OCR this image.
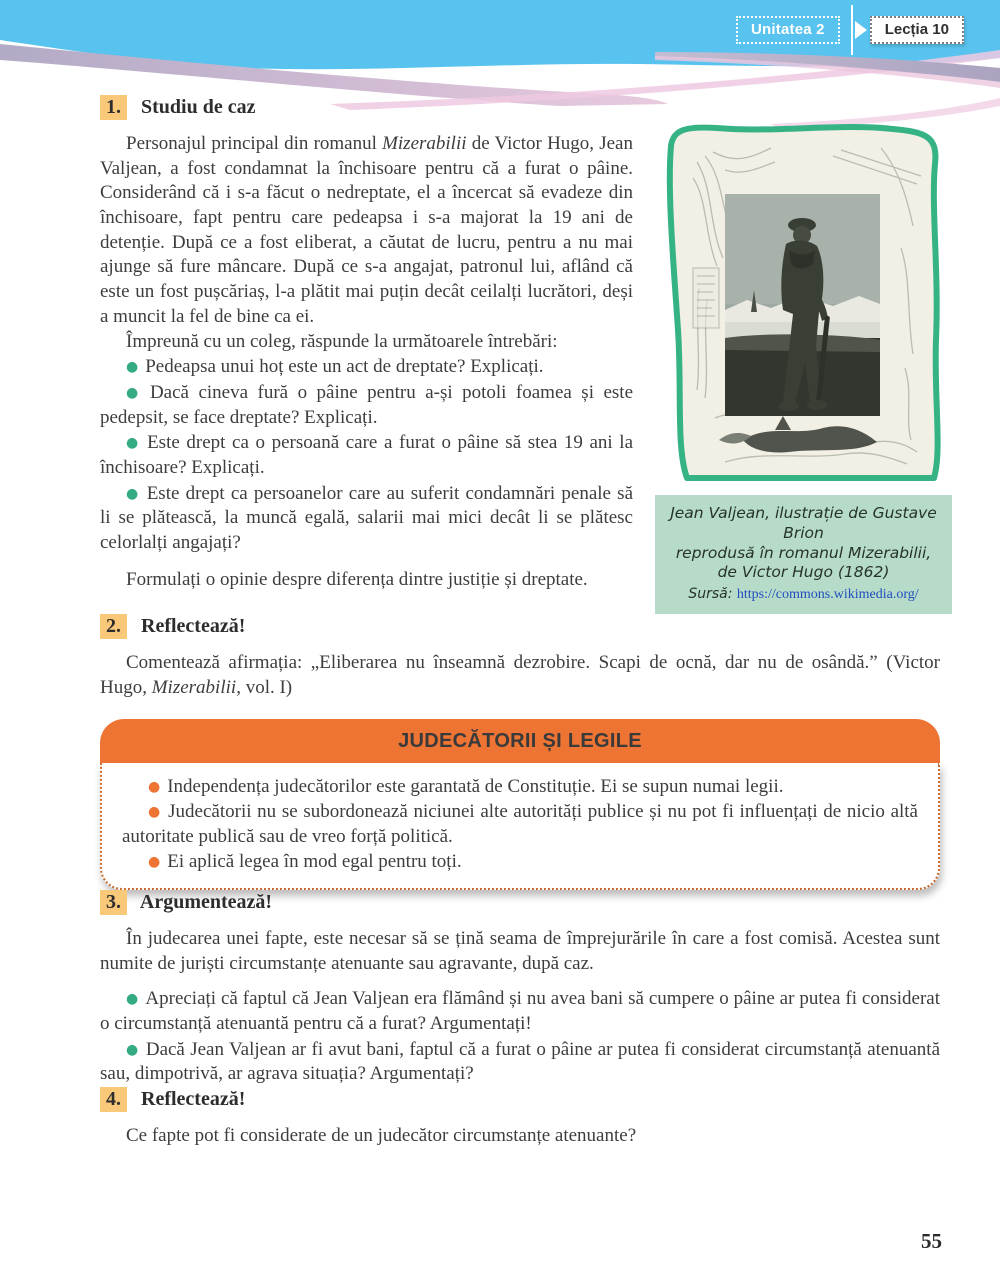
Unitatea 2	Lecția 10
1. Studiu de caz

Personajul principal din romanul Mizerabilii de Victor Hugo, Jean Valjean, a fost condamnat la închisoare pentru că a furat o pâine. Considerând că i s-a făcut o nedreptate, el a încercat să evadeze din închisoare, fapt pentru care pedeapsa i s-a majorat la 19 ani de detenție. După ce a fost eliberat, a căutat de lucru, pentru a nu mai ajunge să fure mâncare. După ce s-a angajat, patronul lui, aflând că este un fost pușcăriaș, l-a plătit mai puțin decât ceilalți lucrători, deși a muncit la fel de bine ca ei.

Împreună cu un coleg, răspunde la următoarele întrebări:

● Pedeapsa unui hoț este un act de dreptate? Explicați.

● Dacă cineva fură o pâine pentru a-și potoli foamea și este pedepsit, se face dreptate? Explicați.

● Este drept ca o persoană care a furat o pâine să stea 19 ani la închisoare? Explicați.

● Este drept ca persoanelor care au suferit condamnări penale să li se plătească, la muncă egală, salarii mai mici decât li se plătesc celorlalți angajați?

Formulați o opinie despre diferența dintre justiție și dreptate.

Jean Valjean, ilustrație de Gustave Brion
reprodusă în romanul Mizerabilii,
de Victor Hugo (1862)
Sursă: https://commons.wikimedia.org/
2. Reflectează!

Comentează afirmația: „Eliberarea nu înseamnă dezrobire. Scapi de ocnă, dar nu de osândă.” (Victor Hugo, Mizerabilii, vol. I)

JUDECĂTORII ȘI LEGILE

● Independența judecătorilor este garantată de Constituție. Ei se supun numai legii.

● Judecătorii nu se subordonează niciunei alte autorități publice și nu pot fi influențați de nicio altă autoritate publică sau de vreo forță politică.

● Ei aplică legea în mod egal pentru toți.

3. Argumentează!

În judecarea unei fapte, este necesar să se țină seama de împrejurările în care a fost comisă. Acestea sunt numite de juriști circumstanțe atenuante sau agravante, după caz.

● Apreciați că faptul că Jean Valjean era flămând și nu avea bani să cumpere o pâine ar putea fi considerat o circumstanță atenuantă pentru că a furat? Argumentați!

● Dacă Jean Valjean ar fi avut bani, faptul că a furat o pâine ar putea fi considerat circumstanță atenuantă sau, dimpotrivă, ar agrava situația? Argumentați?

4. Reflectează!

Ce fapte pot fi considerate de un judecător circumstanțe atenuante?

55
